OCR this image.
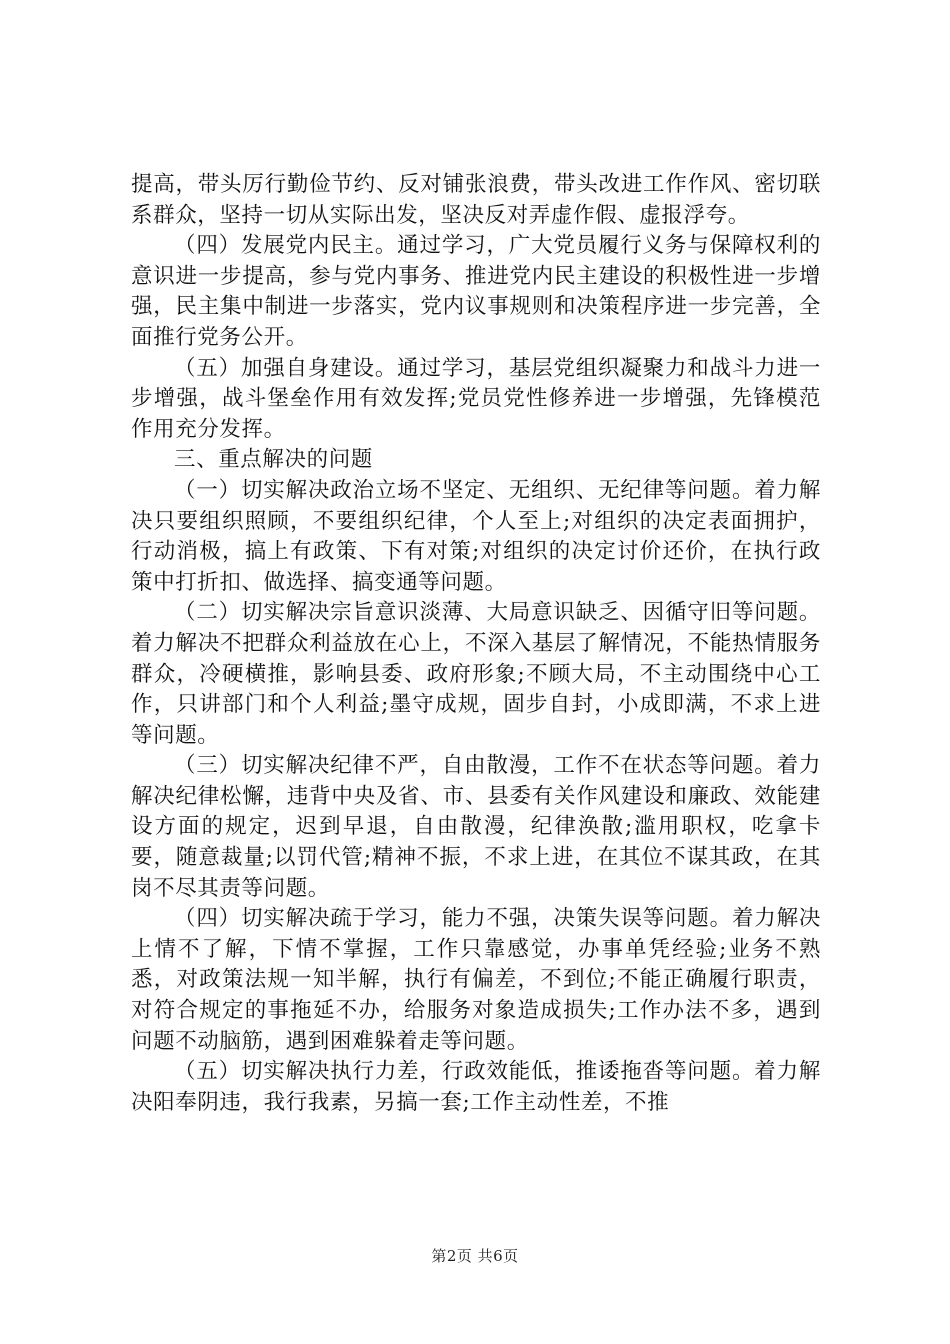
提高，带头厉行勤俭节约、反对铺张浪费，带头改进工作作风、密切联系群众，坚持一切从实际出发，坚决反对弄虚作假、虚报浮夸。

（四）发展党内民主。通过学习，广大党员履行义务与保障权利的意识进一步提高，参与党内事务、推进党内民主建设的积极性进一步增强，民主集中制进一步落实，党内议事规则和决策程序进一步完善，全面推行党务公开。

（五）加强自身建设。通过学习，基层党组织凝聚力和战斗力进一步增强，战斗堡垒作用有效发挥;党员党性修养进一步增强，先锋模范作用充分发挥。

三、重点解决的问题

（一）切实解决政治立场不坚定、无组织、无纪律等问题。着力解决只要组织照顾，不要组织纪律，个人至上;对组织的决定表面拥护，行动消极，搞上有政策、下有对策;对组织的决定讨价还价，在执行政策中打折扣、做选择、搞变通等问题。

（二）切实解决宗旨意识淡薄、大局意识缺乏、因循守旧等问题。着力解决不把群众利益放在心上，不深入基层了解情况，不能热情服务群众，冷硬横推，影响县委、政府形象;不顾大局，不主动围绕中心工作，只讲部门和个人利益;墨守成规，固步自封，小成即满，不求上进等问题。

（三）切实解决纪律不严，自由散漫，工作不在状态等问题。着力解决纪律松懈，违背中央及省、市、县委有关作风建设和廉政、效能建设方面的规定，迟到早退，自由散漫，纪律涣散;滥用职权，吃拿卡要，随意裁量;以罚代管;精神不振，不求上进，在其位不谋其政，在其岗不尽其责等问题。

（四）切实解决疏于学习，能力不强，决策失误等问题。着力解决上情不了解，下情不掌握，工作只靠感觉，办事单凭经验;业务不熟悉，对政策法规一知半解，执行有偏差，不到位;不能正确履行职责，对符合规定的事拖延不办，给服务对象造成损失;工作办法不多，遇到问题不动脑筋，遇到困难躲着走等问题。

（五）切实解决执行力差，行政效能低，推诿拖沓等问题。着力解决阳奉阴违，我行我素，另搞一套;工作主动性差，不推

第2页 共6页
